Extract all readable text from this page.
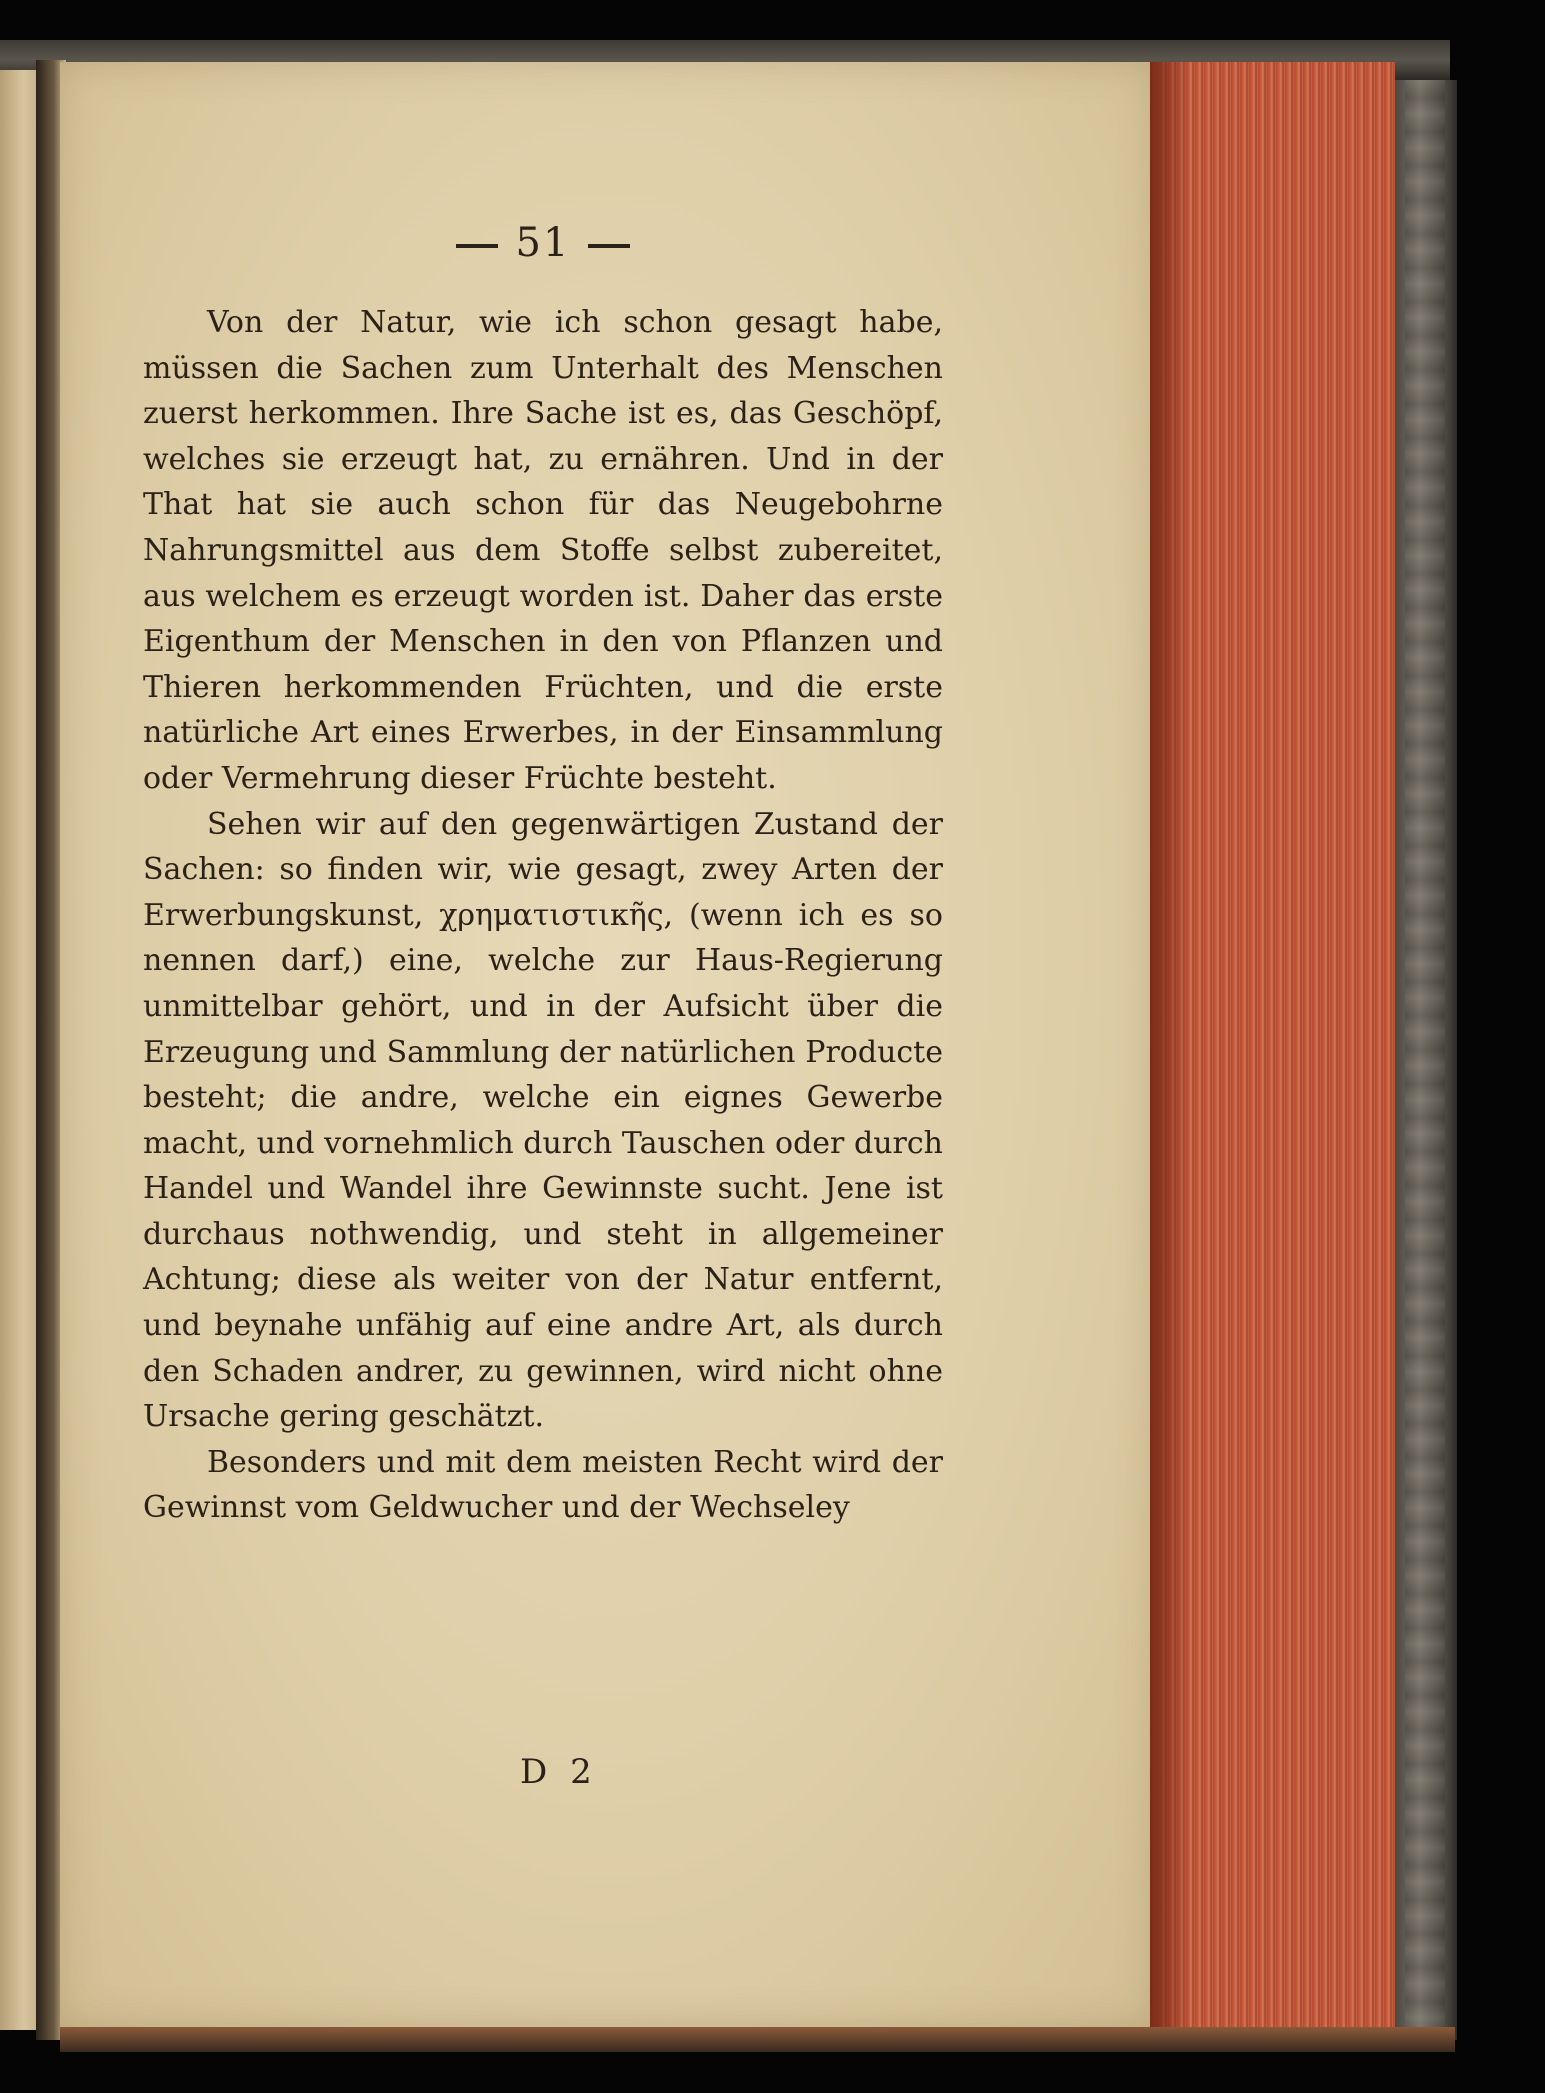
51

Von der Natur, wie ich schon gesagt habe, müssen die Sachen zum Unterhalt des Menschen zuerst herkommen. Ihre Sache ist es, das Geschöpf, welches sie erzeugt hat, zu ernähren. Und in der That hat sie auch schon für das Neugebohrne Nahrungsmittel aus dem Stoffe selbst zubereitet, aus welchem es erzeugt worden ist. Daher das erste Eigenthum der Menschen in den von Pflanzen und Thieren herkommenden Früchten, und die erste natürliche Art eines Erwerbes, in der Einsammlung oder Vermehrung dieser Früchte besteht.

Sehen wir auf den gegenwärtigen Zustand der Sachen: so finden wir, wie gesagt, zwey Arten der Erwerbungskunst, χρηματιστικῆς, (wenn ich es so nennen darf,) eine, welche zur Haus-Regierung unmittelbar gehört, und in der Aufsicht über die Erzeugung und Sammlung der natürlichen Producte besteht; die andre, welche ein eignes Gewerbe macht, und vornehmlich durch Tauschen oder durch Handel und Wandel ihre Gewinnste sucht. Jene ist durchaus nothwendig, und steht in allgemeiner Achtung; diese als weiter von der Natur entfernt, und beynahe unfähig auf eine andre Art, als durch den Schaden andrer, zu gewinnen, wird nicht ohne Ursache gering geschätzt.

Besonders und mit dem meisten Recht wird der Gewinnst vom Geldwucher und der Wechseley

D 2
